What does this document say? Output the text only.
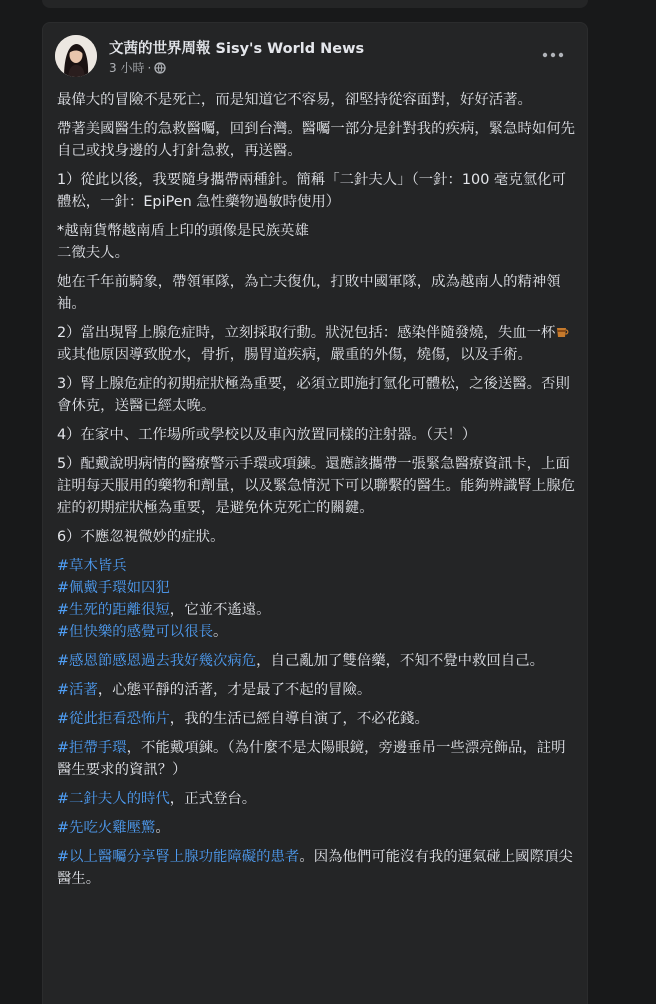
文茜的世界周報 Sisy's World News
3 小時 ·

最偉大的冒險不是死亡，而是知道它不容易，卻堅持從容面對，好好活著。

帶著美國醫生的急救醫囑，回到台灣。醫囑一部分是針對我的疾病，緊急時如何先自己或找身邊的人打針急救，再送醫。

1）從此以後，我要隨身攜帶兩種針。簡稱「二針夫人」（一針：100 毫克氫化可體松，一針：EpiPen 急性藥物過敏時使用）

*越南貨幣越南盾上印的頭像是民族英雄
二徵夫人。

她在千年前騎象，帶領軍隊，為亡夫復仇，打敗中國軍隊，成為越南人的精神領袖。

2）當出現腎上腺危症時，立刻採取行動。狀況包括：感染伴隨發燒，失血一杯或其他原因導致脫水，骨折，腸胃道疾病，嚴重的外傷，燒傷，以及手術。

3）腎上腺危症的初期症狀極為重要，必須立即施打氫化可體松，之後送醫。否則會休克，送醫已經太晚。

4）在家中、工作場所或學校以及車內放置同樣的注射器。（天！）

5）配戴說明病情的醫療警示手環或項鍊。還應該攜帶一張緊急醫療資訊卡，上面註明每天服用的藥物和劑量，以及緊急情況下可以聯繫的醫生。能夠辨識腎上腺危症的初期症狀極為重要，是避免休克死亡的關鍵。

6）不應忽視微妙的症狀。

#草木皆兵

#佩戴手環如囚犯

#生死的距離很短，它並不遙遠。

#但快樂的感覺可以很長。

#感恩節感恩過去我好幾次病危，自己亂加了雙倍藥，不知不覺中救回自己。

#活著，心態平靜的活著，才是最了不起的冒險。

#從此拒看恐怖片，我的生活已經自導自演了，不必花錢。

#拒帶手環，不能戴項鍊。（為什麼不是太陽眼鏡，旁邊垂吊一些漂亮飾品，註明醫生要求的資訊？）

#二針夫人的時代，正式登台。

#先吃火雞壓驚。

#以上醫囑分享腎上腺功能障礙的患者。因為他們可能沒有我的運氣碰上國際頂尖醫生。
